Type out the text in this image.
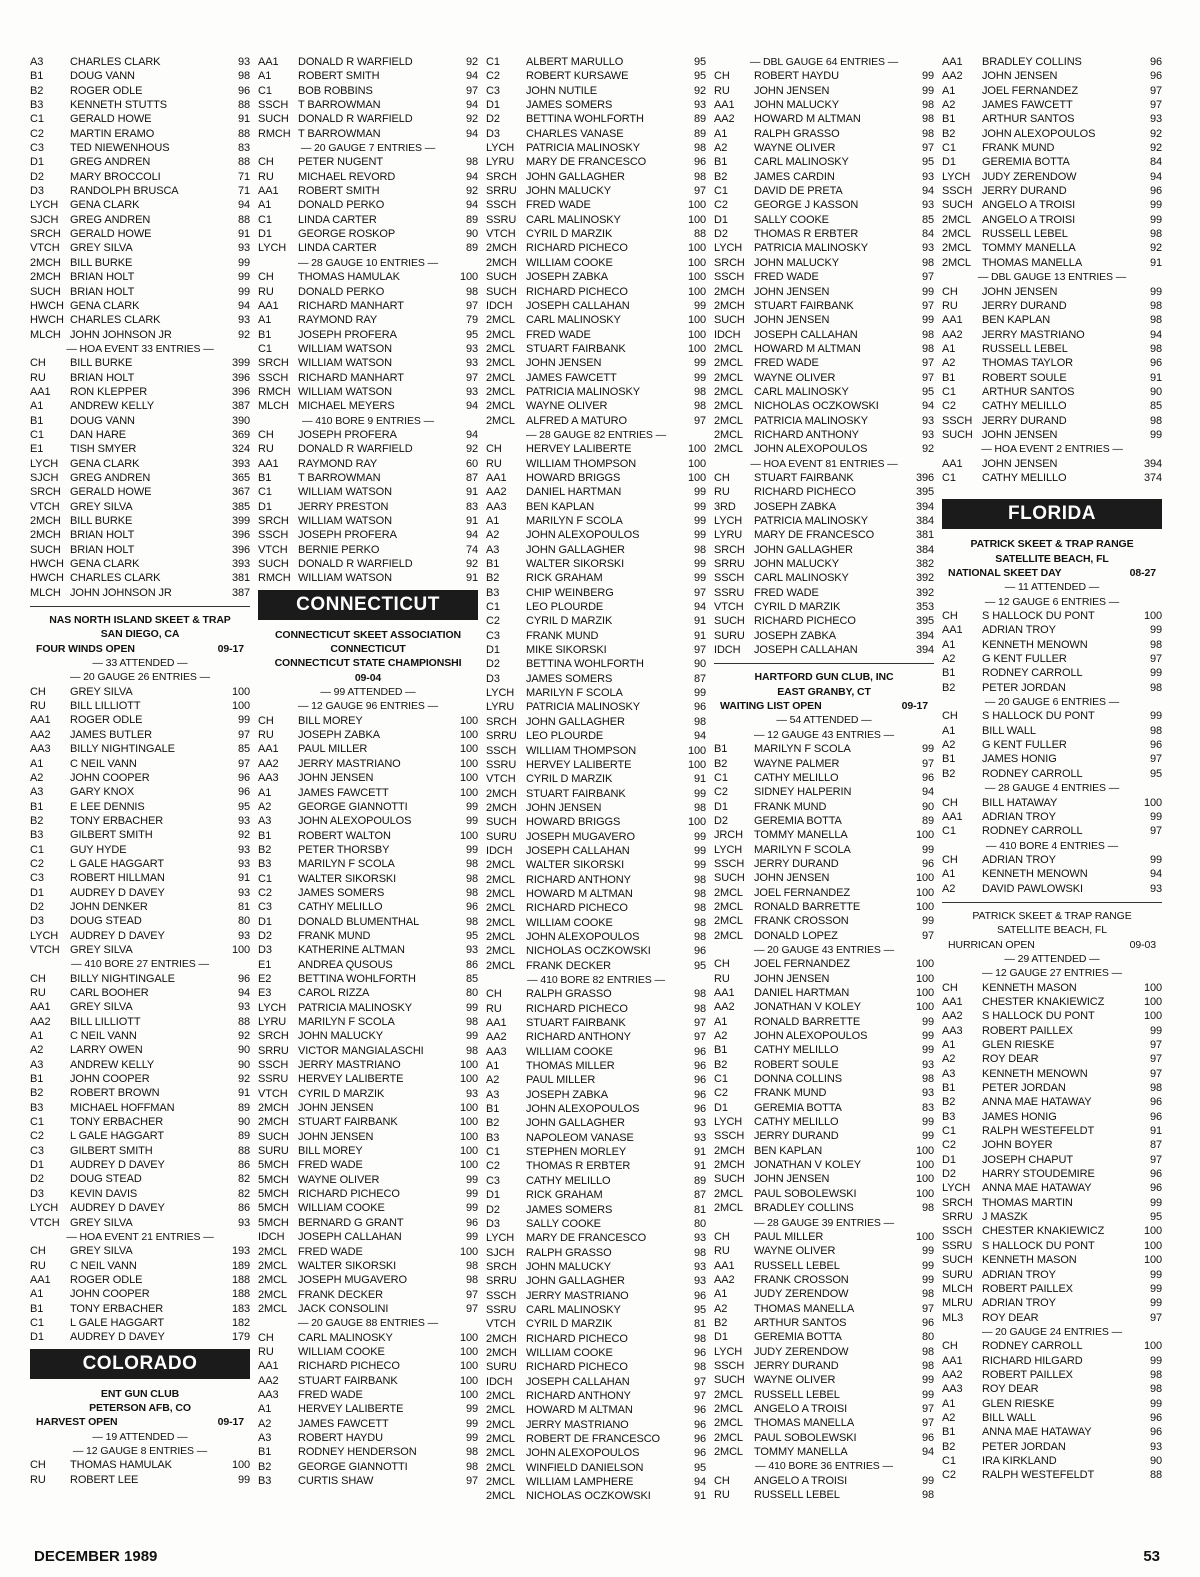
A3	CHARLES CLARK	93
B1	DOUG VANN	98
B2	ROGER ODLE	96
B3	KENNETH STUTTS	88
C1	GERALD HOWE	91
C2	MARTIN ERAMO	88
C3	TED NIEWENHOUS	83
D1	GREG ANDREN	88
D2	MARY BROCCOLI	71
D3	RANDOLPH BRUSCA	71
LYCH	GENA CLARK	94
SJCH	GREG ANDREN	88
SRCH GERALD HOWE	91
VTCH GREY SILVA	93
2MCH BILL BURKE	99
2MCH BRIAN HOLT	99
SUCH BRIAN HOLT	99
HWCH GENA CLARK	94
HWCH CHARLES CLARK	93
MLCH JOHN JOHNSON JR	92
— HOA EVENT 33 ENTRIES —
CH	BILL BURKE	399
RU	BRIAN HOLT	396
AA1	RON KLEPPER	396
A1	ANDREW KELLY	387
B1	DOUG VANN	390
C1	DAN HARE	369
E1	TISH SMYER	324
LYCH	GENA CLARK	393
SJCH	GREG ANDREN	365
SRCH GERALD HOWE	367
VTCH GREY SILVA	385
2MCH BILL BURKE	399
2MCH BRIAN HOLT	396
SUCH BRIAN HOLT	396
HWCH GENA CLARK	393
HWCH CHARLES CLARK	381
MLCH JOHN JOHNSON JR	387
NAS NORTH ISLAND SKEET & TRAP
SAN DIEGO, CA
FOUR WINDS OPEN	09-17
— 33 ATTENDED —
— 20 GAUGE 26 ENTRIES —
CH	GREY SILVA	100
RU	BILL LILLIOTT	100
AA1	ROGER ODLE	99
AA2	JAMES BUTLER	97
AA3	BILLY NIGHTINGALE	85
A1	C NEIL VANN	97
A2	JOHN COOPER	96
A3	GARY KNOX	96
B1	E LEE DENNIS	95
B2	TONY ERBACHER	93
B3	GILBERT SMITH	92
C1	GUY HYDE	93
C2	L GALE HAGGART	93
C3	ROBERT HILLMAN	91
D1	AUDREY D DAVEY	93
D2	JOHN DENKER	81
D3	DOUG STEAD	80
LYCH	AUDREY D DAVEY	93
VTCH GREY SILVA	100
— 410 BORE 27 ENTRIES —
CH	BILLY NIGHTINGALE	96
RU	CARL BOOHER	94
AA1	GREY SILVA	93
AA2	BILL LILLIOTT	88
A1	C NEIL VANN	92
A2	LARRY OWEN	90
A3	ANDREW KELLY	90
B1	JOHN COOPER	92
B2	ROBERT BROWN	91
B3	MICHAEL HOFFMAN	89
C1	TONY ERBACHER	90
C2	L GALE HAGGART	89
C3	GILBERT SMITH	88
D1	AUDREY D DAVEY	86
D2	DOUG STEAD	82
D3	KEVIN DAVIS	82
LYCH	AUDREY D DAVEY	86
VTCH GREY SILVA	93
— HOA EVENT 21 ENTRIES —
CH	GREY SILVA	193
RU	C NEIL VANN	189
AA1	ROGER ODLE	188
A1	JOHN COOPER	188
B1	TONY ERBACHER	183
C1	L GALE HAGGART	182
D1	AUDREY D DAVEY	179
COLORADO
ENT GUN CLUB
PETERSON AFB, CO
HARVEST OPEN	09-17
— 19 ATTENDED —
— 12 GAUGE 8 ENTRIES —
CH	THOMAS HAMULAK	100
RU	ROBERT LEE	99
AA1	DONALD R WARFIELD	92
A1	ROBERT SMITH	94
C1	BOB ROBBINS	97
SSCH T BARROWMAN	94
SUCH DONALD R WARFIELD	92
RMCH T BARROWMAN	94
— 20 GAUGE 7 ENTRIES —
CH	PETER NUGENT	98
RU	MICHAEL REVORD	94
AA1	ROBERT SMITH	92
A1	DONALD PERKO	94
C1	LINDA CARTER	89
D1	GEORGE ROSKOP	90
LYCH	LINDA CARTER	89
— 28 GAUGE 10 ENTRIES —
CH	THOMAS HAMULAK	100
RU	DONALD PERKO	98
AA1	RICHARD MANHART	97
A1	RAYMOND RAY	79
B1	JOSEPH PROFERA	95
C1	WILLIAM WATSON	93
SRCH WILLIAM WATSON	93
SSCH RICHARD MANHART	97
RMCH WILLIAM WATSON	93
MLCH MICHAEL MEYERS	94
— 410 BORE 9 ENTRIES —
CH	JOSEPH PROFERA	94
RU	DONALD R WARFIELD	92
AA1	RAYMOND RAY	60
B1	T BARROWMAN	87
C1	WILLIAM WATSON	91
D1	JERRY PRESTON	83
SRCH WILLIAM WATSON	91
SSCH JOSEPH PROFERA	94
VTCH BERNIE PERKO	74
SUCH DONALD R WARFIELD	92
RMCH WILLIAM WATSON	91
CONNECTICUT
CONNECTICUT SKEET ASSOCIATION
CONNECTICUT
CONNECTICUT STATE CHAMPIONSHI
09-04
— 99 ATTENDED —
— 12 GAUGE 96 ENTRIES —
CH	BILL MOREY	100
RU	JOSEPH ZABKA	100
AA1	PAUL MILLER	100
AA2	JERRY MASTRIANO	100
AA3	JOHN JENSEN	100
A1	JAMES FAWCETT	100
A2	GEORGE GIANNOTTI	99
A3	JOHN ALEXOPOULOS	99
B1	ROBERT WALTON	100
B2	PETER THORSBY	99
B3	MARILYN F SCOLA	98
C1	WALTER SIKORSKI	98
C2	JAMES SOMERS	98
C3	CATHY MELILLO	96
D1	DONALD BLUMENTHAL	98
D2	FRANK MUND	95
D3	KATHERINE ALTMAN	93
E1	ANDREA QUSOUS	86
E2	BETTINA WOHLFORTH	85
E3	CAROL RIZZA	80
LYCH	PATRICIA MALINOSKY	99
LYRU	MARILYN F SCOLA	98
SRCH JOHN MALUCKY	99
SRRU VICTOR MANGIALASCHI	98
SSCH JERRY MASTRIANO	100
SSRU HERVEY LALIBERTE	100
VTCH CYRIL D MARZIK	93
2MCH JOHN JENSEN	100
2MCH STUART FAIRBANK	100
SUCH JOHN JENSEN	100
SURU BILL MOREY	100
5MCH FRED WADE	100
5MCH WAYNE OLIVER	99
5MCH RICHARD PICHECO	99
5MCH WILLIAM COOKE	99
5MCH BERNARD G GRANT	96
IDCH	JOSEPH CALLAHAN	99
2MCL	FRED WADE	100
2MCL	WALTER SIKORSKI	98
2MCL	JOSEPH MUGAVERO	98
2MCL	FRANK DECKER	97
2MCL	JACK CONSOLINI	97
— 20 GAUGE 88 ENTRIES —
CH	CARL MALINOSKY	100
RU	WILLIAM COOKE	100
AA1	RICHARD PICHECO	100
AA2	STUART FAIRBANK	100
AA3	FRED WADE	100
A1	HERVEY LALIBERTE	99
A2	JAMES FAWCETT	99
A3	ROBERT HAYDU	99
B1	RODNEY HENDERSON	98
B2	GEORGE GIANNOTTI	98
B3	CURTIS SHAW	97
C1	ALBERT MARULLO	95
C2	ROBERT KURSAWE	95
C3	JOHN NUTILE	92
D1	JAMES SOMERS	93
D2	BETTINA WOHLFORTH	89
D3	CHARLES VANASE	89
LYCH	PATRICIA MALINOSKY	98
LYRU	MARY DE FRANCESCO	96
SRCH JOHN GALLAGHER	98
SRRU JOHN MALUCKY	97
SSCH FRED WADE	100
SSRU CARL MALINOSKY	100
VTCH CYRIL D MARZIK	88
2MCH RICHARD PICHECO	100
2MCH WILLIAM COOKE	100
SUCH JOSEPH ZABKA	100
SUCH RICHARD PICHECO	100
IDCH	JOSEPH CALLAHAN	99
2MCL	CARL MALINOSKY	100
2MCL	FRED WADE	100
2MCL	STUART FAIRBANK	100
2MCL	JOHN JENSEN	99
2MCL	JAMES FAWCETT	99
2MCL	PATRICIA MALINOSKY	98
2MCL	WAYNE OLIVER	98
2MCL	ALFRED A MATURO	97
— 28 GAUGE 82 ENTRIES —
CH	HERVEY LALIBERTE	100
RU	WILLIAM THOMPSON	100
AA1	HOWARD BRIGGS	100
AA2	DANIEL HARTMAN	99
AA3	BEN KAPLAN	99
A1	MARILYN F SCOLA	99
A2	JOHN ALEXOPOULOS	99
A3	JOHN GALLAGHER	98
B1	WALTER SIKORSKI	99
B2	RICK GRAHAM	99
B3	CHIP WEINBERG	97
C1	LEO PLOURDE	94
C2	CYRIL D MARZIK	91
C3	FRANK MUND	91
D1	MIKE SIKORSKI	97
D2	BETTINA WOHLFORTH	90
D3	JAMES SOMERS	87
LYCH	MARILYN F SCOLA	99
LYRU	PATRICIA MALINOSKY	96
SRCH JOHN GALLAGHER	98
SRRU LEO PLOURDE	94
SSCH WILLIAM THOMPSON	100
SSRU HERVEY LALIBERTE	100
VTCH CYRIL D MARZIK	91
2MCH STUART FAIRBANK	99
2MCH JOHN JENSEN	98
SUCH HOWARD BRIGGS	100
SURU JOSEPH MUGAVERO	99
IDCH	JOSEPH CALLAHAN	99
2MCL	WALTER SIKORSKI	99
2MCL	RICHARD ANTHONY	98
2MCL	HOWARD M ALTMAN	98
2MCL	RICHARD PICHECO	98
2MCL	WILLIAM COOKE	98
2MCL	JOHN ALEXOPOULOS	98
2MCL	NICHOLAS OCZKOWSKI	96
2MCL	FRANK DECKER	95
— 410 BORE 82 ENTRIES —
CH	RALPH GRASSO	98
RU	RICHARD PICHECO	98
AA1	STUART FAIRBANK	97
AA2	RICHARD ANTHONY	97
AA3	WILLIAM COOKE	96
A1	THOMAS MILLER	96
A2	PAUL MILLER	96
A3	JOSEPH ZABKA	96
B1	JOHN ALEXOPOULOS	96
B2	JOHN GALLAGHER	93
B3	NAPOLEOM VANASE	93
C1	STEPHEN MORLEY	91
C2	THOMAS R ERBTER	91
C3	CATHY MELILLO	89
D1	RICK GRAHAM	87
D2	JAMES SOMERS	81
D3	SALLY COOKE	80
LYCH	MARY DE FRANCESCO	93
SJCH	RALPH GRASSO	98
SRCH JOHN MALUCKY	93
SRRU JOHN GALLAGHER	93
SSCH JERRY MASTRIANO	96
SSRU CARL MALINOSKY	95
VTCH CYRIL D MARZIK	81
2MCH RICHARD PICHECO	98
2MCH WILLIAM COOKE	96
SURU RICHARD PICHECO	98
IDCH	JOSEPH CALLAHAN	97
2MCL	RICHARD ANTHONY	97
2MCL	HOWARD M ALTMAN	96
2MCL	JERRY MASTRIANO	96
2MCL	ROBERT DE FRANCESCO	96
2MCL	JOHN ALEXOPOULOS	96
2MCL	WINFIELD DANIELSON	95
2MCL	WILLIAM LAMPHERE	94
2MCL	NICHOLAS OCZKOWSKI	91
— DBL GAUGE 64 ENTRIES —
CH	ROBERT HAYDU	99
RU	JOHN JENSEN	99
AA1	JOHN MALUCKY	98
AA2	HOWARD M ALTMAN	98
A1	RALPH GRASSO	98
A2	WAYNE OLIVER	97
B1	CARL MALINOSKY	95
B2	JAMES CARDIN	93
C1	DAVID DE PRETA	94
C2	GEORGE J KASSON	93
D1	SALLY COOKE	85
D2	THOMAS R ERBTER	84
LYCH	PATRICIA MALINOSKY	93
SRCH JOHN MALUCKY	98
SSCH FRED WADE	97
2MCH JOHN JENSEN	99
2MCH STUART FAIRBANK	97
SUCH JOHN JENSEN	99
IDCH	JOSEPH CALLAHAN	98
2MCL	HOWARD M ALTMAN	98
2MCL	FRED WADE	97
2MCL	WAYNE OLIVER	97
2MCL	CARL MALINOSKY	95
2MCL	NICHOLAS OCZKOWSKI	94
2MCL	PATRICIA MALINOSKY	93
2MCL	RICHARD ANTHONY	93
2MCL	JOHN ALEXOPOULOS	92
— HOA EVENT 81 ENTRIES —
CH	STUART FAIRBANK	396
RU	RICHARD PICHECO	395
3RD	JOSEPH ZABKA	394
LYCH	PATRICIA MALINOSKY	384
LYRU	MARY DE FRANCESCO	381
SRCH JOHN GALLAGHER	384
SRRU JOHN MALUCKY	382
SSCH CARL MALINOSKY	392
SSRU FRED WADE	392
VTCH CYRIL D MARZIK	353
SUCH RICHARD PICHECO	395
SURU JOSEPH ZABKA	394
IDCH	JOSEPH CALLAHAN	394
HARTFORD GUN CLUB, INC
EAST GRANBY, CT
WAITING LIST OPEN	09-17
— 54 ATTENDED —
— 12 GAUGE 43 ENTRIES —
B1	MARILYN F SCOLA	99
B2	WAYNE PALMER	97
C1	CATHY MELILLO	96
C2	SIDNEY HALPERIN	94
D1	FRANK MUND	90
D2	GEREMIA BOTTA	89
JRCH	TOMMY MANELLA	100
LYCH	MARILYN F SCOLA	99
SSCH JERRY DURAND	96
SUCH JOHN JENSEN	100
2MCL	JOEL FERNANDEZ	100
2MCL	RONALD BARRETTE	100
2MCL	FRANK CROSSON	99
2MCL	DONALD LOPEZ	97
— 20 GAUGE 43 ENTRIES —
CH	JOEL FERNANDEZ	100
RU	JOHN JENSEN	100
AA1	DANIEL HARTMAN	100
AA2	JONATHAN V KOLEY	100
A1	RONALD BARRETTE	99
A2	JOHN ALEXOPOULOS	99
B1	CATHY MELILLO	99
B2	ROBERT SOULE	93
C1	DONNA COLLINS	98
C2	FRANK MUND	93
D1	GEREMIA BOTTA	83
LYCH	CATHY MELILLO	99
SSCH JERRY DURAND	99
2MCH BEN KAPLAN	100
2MCH JONATHAN V KOLEY	100
SUCH JOHN JENSEN	100
2MCL	PAUL SOBOLEWSKI	100
2MCL	BRADLEY COLLINS	98
— 28 GAUGE 39 ENTRIES —
CH	PAUL MILLER	100
RU	WAYNE OLIVER	99
AA1	RUSSELL LEBEL	99
AA2	FRANK CROSSON	99
A1	JUDY ZERENDOW	98
A2	THOMAS MANELLA	97
B2	ARTHUR SANTOS	96
D1	GEREMIA BOTTA	80
LYCH	JUDY ZERENDOW	98
SSCH JERRY DURAND	98
SUCH WAYNE OLIVER	99
2MCL	RUSSELL LEBEL	99
2MCL	ANGELO A TROISI	97
2MCL	THOMAS MANELLA	97
2MCL	PAUL SOBOLEWSKI	96
2MCL	TOMMY MANELLA	94
— 410 BORE 36 ENTRIES —
CH	ANGELO A TROISI	99
RU	RUSSELL LEBEL	98
AA1	BRADLEY COLLINS	96
AA2	JOHN JENSEN	96
A1	JOEL FERNANDEZ	97
A2	JAMES FAWCETT	97
B1	ARTHUR SANTOS	93
B2	JOHN ALEXOPOULOS	92
C1	FRANK MUND	92
D1	GEREMIA BOTTA	84
LYCH	JUDY ZERENDOW	94
SSCH JERRY DURAND	96
SUCH ANGELO A TROISI	99
2MCL	ANGELO A TROISI	99
2MCL	RUSSELL LEBEL	98
2MCL	TOMMY MANELLA	92
2MCL	THOMAS MANELLA	91
— DBL GAUGE 13 ENTRIES —
CH	JOHN JENSEN	99
RU	JERRY DURAND	98
AA1	BEN KAPLAN	98
AA2	JERRY MASTRIANO	94
A1	RUSSELL LEBEL	98
A2	THOMAS TAYLOR	96
B1	ROBERT SOULE	91
C1	ARTHUR SANTOS	90
C2	CATHY MELILLO	85
SSCH JERRY DURAND	98
SUCH JOHN JENSEN	99
— HOA EVENT 2 ENTRIES —
AA1	JOHN JENSEN	394
C1	CATHY MELILLO	374
FLORIDA
PATRICK SKEET & TRAP RANGE
SATELLITE BEACH, FL
NATIONAL SKEET DAY	08-27
— 11 ATTENDED —
— 12 GAUGE 6 ENTRIES —
CH	S HALLOCK DU PONT	100
AA1	ADRIAN TROY	99
A1	KENNETH MENOWN	98
A2	G KENT FULLER	97
B1	RODNEY CARROLL	99
B2	PETER JORDAN	98
— 20 GAUGE 6 ENTRIES —
CH	S HALLOCK DU PONT	99
A1	BILL WALL	98
A2	G KENT FULLER	96
B1	JAMES HONIG	97
B2	RODNEY CARROLL	95
— 28 GAUGE 4 ENTRIES —
CH	BILL HATAWAY	100
AA1	ADRIAN TROY	99
C1	RODNEY CARROLL	97
— 410 BORE 4 ENTRIES —
CH	ADRIAN TROY	99
A1	KENNETH MENOWN	94
A2	DAVID PAWLOWSKI	93
PATRICK SKEET & TRAP RANGE
SATELLITE BEACH, FL
HURRICAN OPEN	09-03
— 29 ATTENDED —
— 12 GAUGE 27 ENTRIES —
CH	KENNETH MASON	100
AA1	CHESTER KNAKIEWICZ	100
AA2	S HALLOCK DU PONT	100
AA3	ROBERT PAILLEX	99
A1	GLEN RIESKE	97
A2	ROY DEAR	97
A3	KENNETH MENOWN	97
B1	PETER JORDAN	98
B2	ANNA MAE HATAWAY	96
B3	JAMES HONIG	96
C1	RALPH WESTEFELDT	91
C2	JOHN BOYER	87
D1	JOSEPH CHAPUT	97
D2	HARRY STOUDEMIRE	96
LYCH	ANNA MAE HATAWAY	96
SRCH THOMAS MARTIN	99
SRRU J MASZK	95
SSCH CHESTER KNAKIEWICZ	100
SSRU S HALLOCK DU PONT	100
SUCH KENNETH MASON	100
SURU ADRIAN TROY	99
MLCH ROBERT PAILLEX	99
MLRU ADRIAN TROY	99
ML3	ROY DEAR	97
— 20 GAUGE 24 ENTRIES —
CH	RODNEY CARROLL	100
AA1	RICHARD HILGARD	99
AA2	ROBERT PAILLEX	98
AA3	ROY DEAR	98
A1	GLEN RIESKE	99
A2	BILL WALL	96
B1	ANNA MAE HATAWAY	96
B2	PETER JORDAN	93
C1	IRA KIRKLAND	90
C2	RALPH WESTEFELDT	88
DECEMBER 1989	53
